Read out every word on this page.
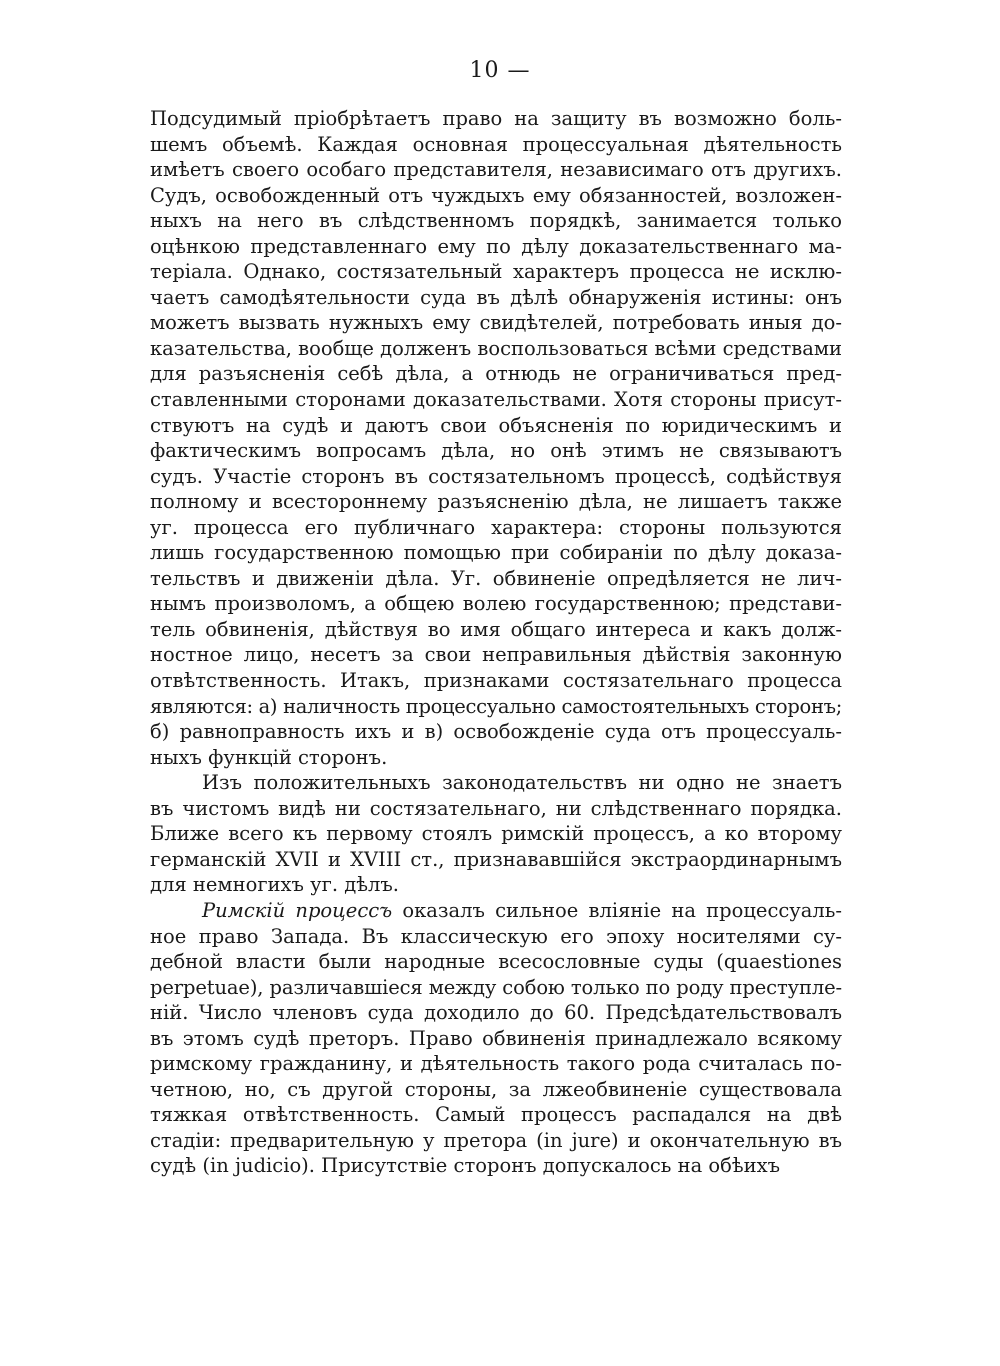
10 —
Подсудимый пріобрѣтаетъ право на защиту въ возможно боль-
шемъ объемѣ. Каждая основная процессуальная дѣятельность
имѣетъ своего особаго представителя, независимаго отъ другихъ.
Судъ, освобожденный отъ чуждыхъ ему обязанностей, возложен-
ныхъ на него въ слѣдственномъ порядкѣ, занимается только
оцѣнкою представленнаго ему по дѣлу доказательственнаго ма-
теріала. Однако, состязательный характеръ процесса не исклю-
чаетъ самодѣятельности суда въ дѣлѣ обнаруженія истины: онъ
можетъ вызвать нужныхъ ему свидѣтелей, потребовать иныя до-
казательства, вообще долженъ воспользоваться всѣми средствами
для разъясненія себѣ дѣла, а отнюдь не ограничиваться пред-
ставленными сторонами доказательствами. Хотя стороны присут-
ствуютъ на судѣ и даютъ свои объясненія по юридическимъ и
фактическимъ вопросамъ дѣла, но онѣ этимъ не связываютъ
судъ. Участіе сторонъ въ состязательномъ процессѣ, содѣйствуя
полному и всестороннему разъясненію дѣла, не лишаетъ также
уг. процесса его публичнаго характера: стороны пользуются
лишь государственною помощью при собираніи по дѣлу доказа-
тельствъ и движеніи дѣла. Уг. обвиненіе опредѣляется не лич-
нымъ произволомъ, а общею волею государственною; представи-
тель обвиненія, дѣйствуя во имя общаго интереса и какъ долж-
ностное лицо, несетъ за свои неправильныя дѣйствія законную
отвѣтственность. Итакъ, признаками состязательнаго процесса
являются: а) наличность процессуально самостоятельныхъ сторонъ;
б) равноправность ихъ и в) освобожденіе суда отъ процессуаль-
ныхъ функцій сторонъ.
Изъ положительныхъ законодательствъ ни одно не знаетъ
въ чистомъ видѣ ни состязательнаго, ни слѣдственнаго порядка.
Ближе всего къ первому стоялъ римскій процессъ, а ко второму
германскій XVII и XVIII ст., признававшійся экстраординарнымъ
для немногихъ уг. дѣлъ.
Римскій процессъ оказалъ сильное вліяніе на процессуаль-
ное право Запада. Въ классическую его эпоху носителями су-
дебной власти были народные всесословные суды (quaestiones
perpetuae), различавшіеся между собою только по роду преступле-
ній. Число членовъ суда доходило до 60. Предсѣдательствовалъ
въ этомъ судѣ преторъ. Право обвиненія принадлежало всякому
римскому гражданину, и дѣятельность такого рода считалась по-
четною, но, съ другой стороны, за лжеобвиненіе существовала
тяжкая отвѣтственность. Самый процессъ распадался на двѣ
стадіи: предварительную у претора (in jure) и окончательную въ
судѣ (in judicio). Присутствіе сторонъ допускалось на обѣихъ
